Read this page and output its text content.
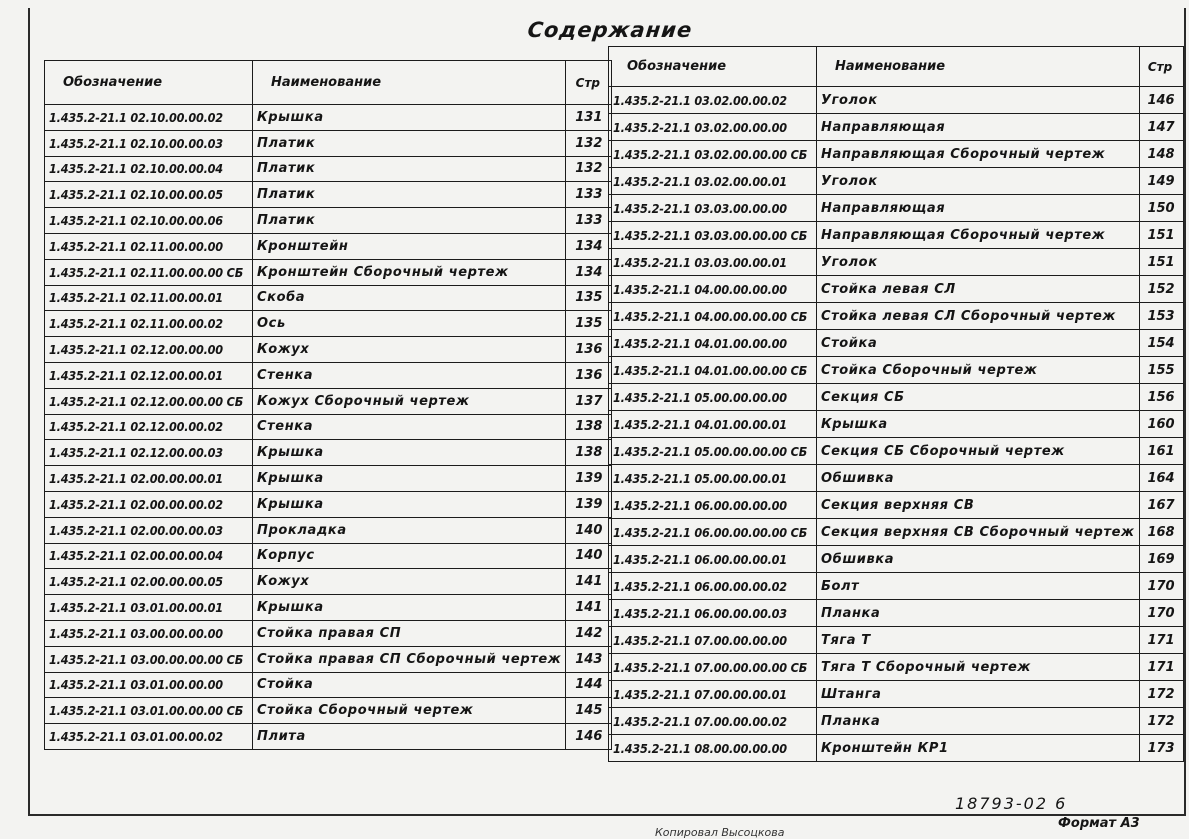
Содержание
Обозначение	Наименование	Стр
1.435.2-21.1 02.10.00.00.02	Крышка	131
1.435.2-21.1 02.10.00.00.03	Платик	132
1.435.2-21.1 02.10.00.00.04	Платик	132
1.435.2-21.1 02.10.00.00.05	Платик	133
1.435.2-21.1 02.10.00.00.06	Платик	133
1.435.2-21.1 02.11.00.00.00	Кронштейн	134
1.435.2-21.1 02.11.00.00.00 СБ	Кронштейн Сборочный чертеж	134
1.435.2-21.1 02.11.00.00.01	Скоба	135
1.435.2-21.1 02.11.00.00.02	Ось	135
1.435.2-21.1 02.12.00.00.00	Кожух	136
1.435.2-21.1 02.12.00.00.01	Стенка	136
1.435.2-21.1 02.12.00.00.00 СБ	Кожух Сборочный чертеж	137
1.435.2-21.1 02.12.00.00.02	Стенка	138
1.435.2-21.1 02.12.00.00.03	Крышка	138
1.435.2-21.1 02.00.00.00.01	Крышка	139
1.435.2-21.1 02.00.00.00.02	Крышка	139
1.435.2-21.1 02.00.00.00.03	Прокладка	140
1.435.2-21.1 02.00.00.00.04	Корпус	140
1.435.2-21.1 02.00.00.00.05	Кожух	141
1.435.2-21.1 03.01.00.00.01	Крышка	141
1.435.2-21.1 03.00.00.00.00	Стойка правая СП	142
1.435.2-21.1 03.00.00.00.00 СБ	Стойка правая СП Сборочный чертеж	143
1.435.2-21.1 03.01.00.00.00	Стойка	144
1.435.2-21.1 03.01.00.00.00 СБ	Стойка Сборочный чертеж	145
1.435.2-21.1 03.01.00.00.02	Плита	146
Обозначение	Наименование	Стр
1.435.2-21.1 03.02.00.00.02	Уголок	146
1.435.2-21.1 03.02.00.00.00	Направляющая	147
1.435.2-21.1 03.02.00.00.00 СБ	Направляющая Сборочный чертеж	148
1.435.2-21.1 03.02.00.00.01	Уголок	149
1.435.2-21.1 03.03.00.00.00	Направляющая	150
1.435.2-21.1 03.03.00.00.00 СБ	Направляющая Сборочный чертеж	151
1.435.2-21.1 03.03.00.00.01	Уголок	151
1.435.2-21.1 04.00.00.00.00	Стойка левая СЛ	152
1.435.2-21.1 04.00.00.00.00 СБ	Стойка левая СЛ Сборочный чертеж	153
1.435.2-21.1 04.01.00.00.00	Стойка	154
1.435.2-21.1 04.01.00.00.00 СБ	Стойка Сборочный чертеж	155
1.435.2-21.1 05.00.00.00.00	Секция СБ	156
1.435.2-21.1 04.01.00.00.01	Крышка	160
1.435.2-21.1 05.00.00.00.00 СБ	Секция СБ Сборочный чертеж	161
1.435.2-21.1 05.00.00.00.01	Обшивка	164
1.435.2-21.1 06.00.00.00.00	Секция верхняя СВ	167
1.435.2-21.1 06.00.00.00.00 СБ	Секция верхняя СВ Сборочный чертеж	168
1.435.2-21.1 06.00.00.00.01	Обшивка	169
1.435.2-21.1 06.00.00.00.02	Болт	170
1.435.2-21.1 06.00.00.00.03	Планка	170
1.435.2-21.1 07.00.00.00.00	Тяга Т	171
1.435.2-21.1 07.00.00.00.00 СБ	Тяга Т Сборочный чертеж	171
1.435.2-21.1 07.00.00.00.01	Штанга	172
1.435.2-21.1 07.00.00.00.02	Планка	172
1.435.2-21.1 08.00.00.00.00	Кронштейн КР1	173
18793-02 6
Формат А3
Копировал Высоцкова
